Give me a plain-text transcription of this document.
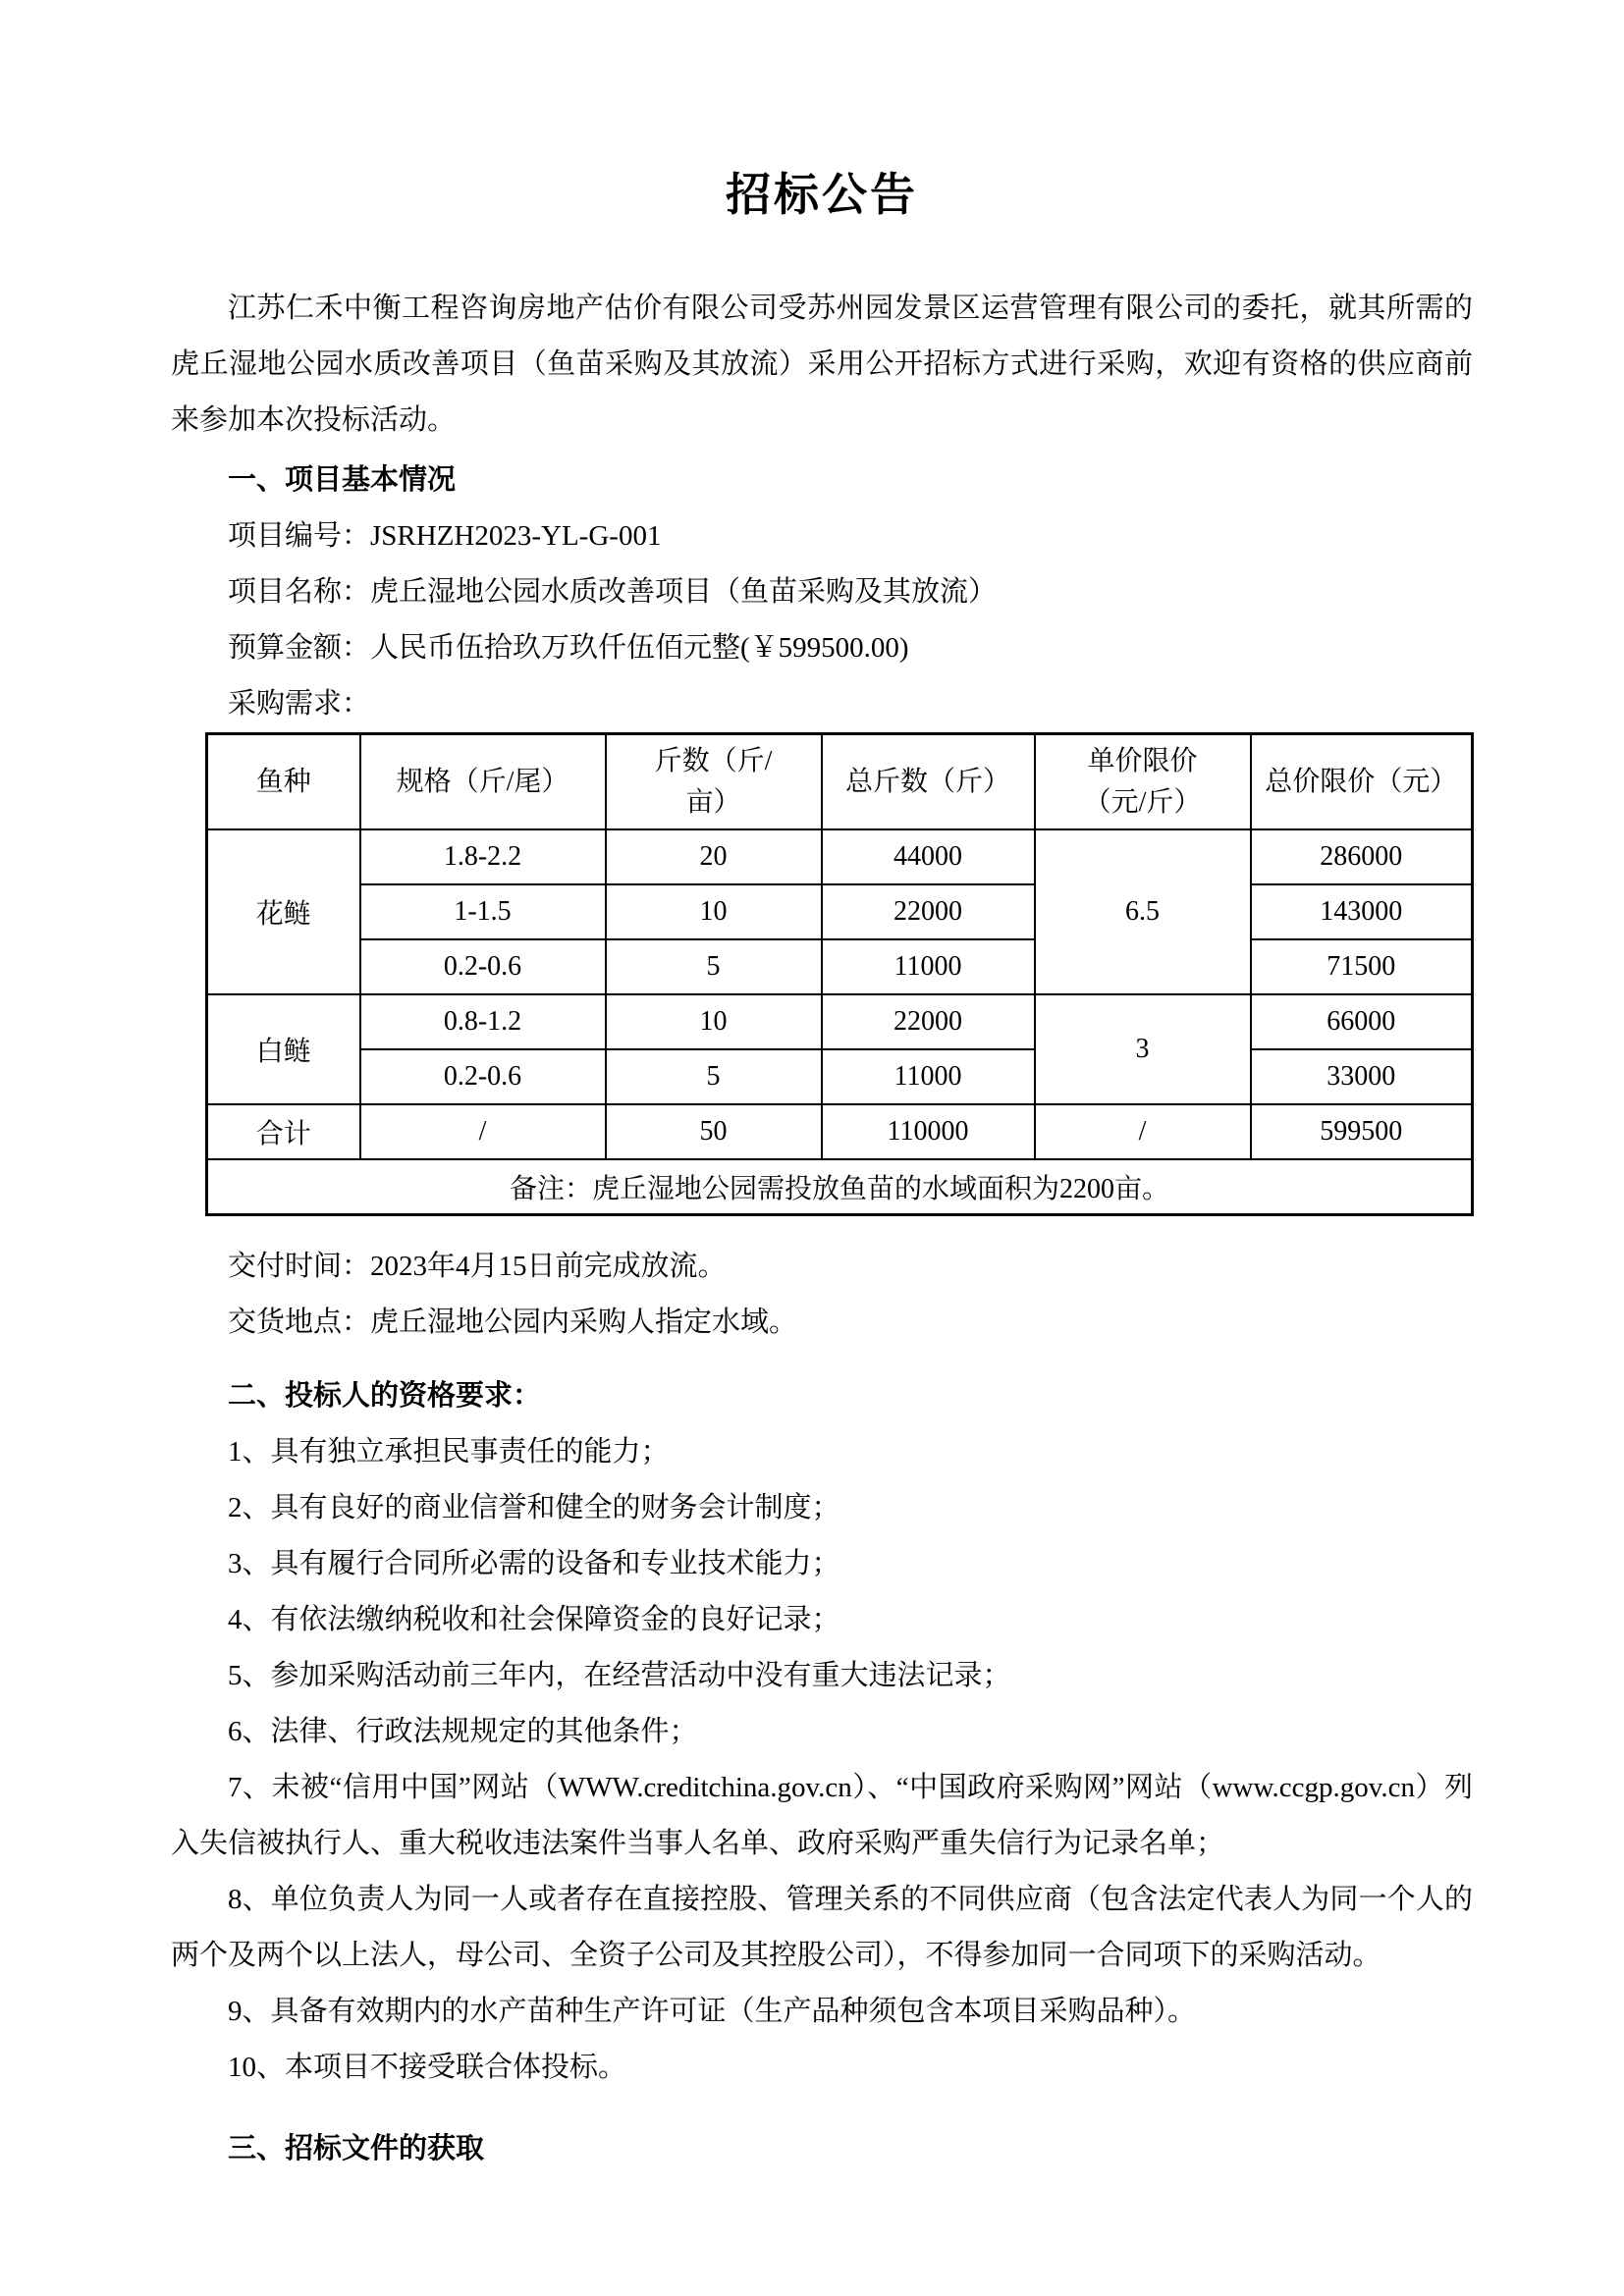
招标公告

江苏仁禾中衡工程咨询房地产估价有限公司受苏州园发景区运营管理有限公司的委托，就其所需的虎丘湿地公园水质改善项目（鱼苗采购及其放流）采用公开招标方式进行采购，欢迎有资格的供应商前来参加本次投标活动。

一、项目基本情况

项目编号：JSRHZH2023-YL-G-001

项目名称：虎丘湿地公园水质改善项目（鱼苗采购及其放流）

预算金额：人民币伍拾玖万玖仟伍佰元整(￥599500.00)

采购需求：

鱼种	规格（斤/尾）	斤数（斤/亩）	总斤数（斤）	单价限价（元/斤）	总价限价（元）
花鲢	1.8-2.2	20	44000	6.5	286000
	1-1.5	10	22000		143000
	0.2-0.6	5	11000		71500
白鲢	0.8-1.2	10	22000	3	66000
	0.2-0.6	5	11000		33000
合计	/	50	110000	/	599500
备注：虎丘湿地公园需投放鱼苗的水域面积为2200亩。					

交付时间：2023年4月15日前完成放流。

交货地点：虎丘湿地公园内采购人指定水域。

二、投标人的资格要求：

1、具有独立承担民事责任的能力；

2、具有良好的商业信誉和健全的财务会计制度；

3、具有履行合同所必需的设备和专业技术能力；

4、有依法缴纳税收和社会保障资金的良好记录；

5、参加采购活动前三年内，在经营活动中没有重大违法记录；

6、法律、行政法规规定的其他条件；

7、未被“信用中国”网站（WWW.creditchina.gov.cn）、“中国政府采购网”网站（www.ccgp.gov.cn）列入失信被执行人、重大税收违法案件当事人名单、政府采购严重失信行为记录名单；

8、单位负责人为同一人或者存在直接控股、管理关系的不同供应商（包含法定代表人为同一个人的两个及两个以上法人，母公司、全资子公司及其控股公司），不得参加同一合同项下的采购活动。

9、具备有效期内的水产苗种生产许可证（生产品种须包含本项目采购品种）。

10、本项目不接受联合体投标。

三、招标文件的获取
